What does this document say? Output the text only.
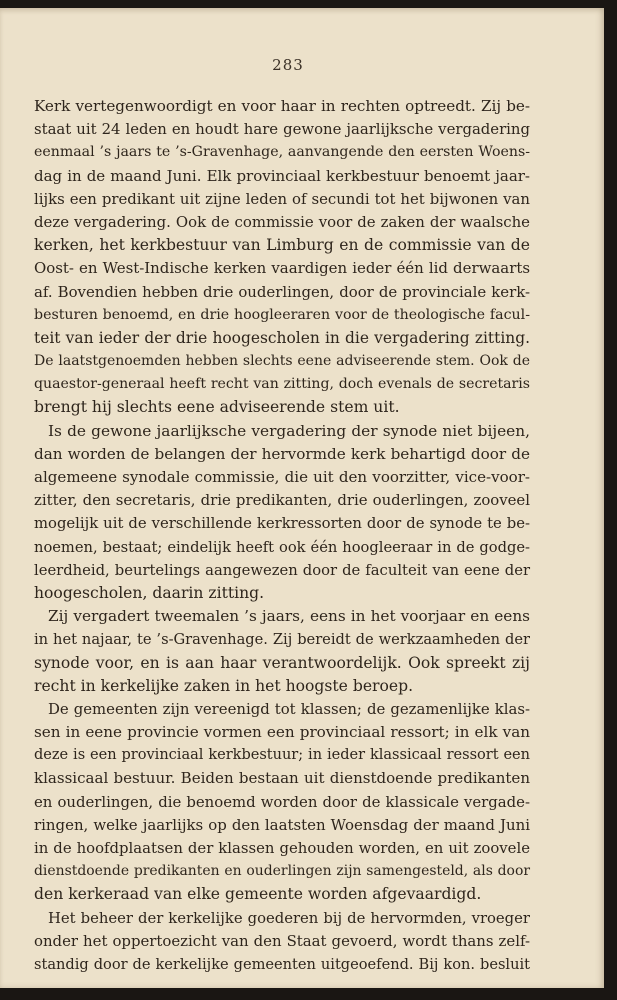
283
Kerk vertegenwoordigt en voor haar in rechten optreedt. Zij be-
staat uit 24 leden en houdt hare gewone jaarlijksche vergadering
eenmaal ’s jaars te ’s-Gravenhage, aanvangende den eersten Woens-
dag in de maand Juni. Elk provinciaal kerkbestuur benoemt jaar-
lijks een predikant uit zijne leden of secundi tot het bijwonen van
deze vergadering. Ook de commissie voor de zaken der waalsche
kerken, het kerkbestuur van Limburg en de commissie van de
Oost- en West-Indische kerken vaardigen ieder één lid derwaarts
af. Bovendien hebben drie ouderlingen, door de provinciale kerk-
besturen benoemd, en drie hoogleeraren voor de theologische facul-
teit van ieder der drie hoogescholen in die vergadering zitting.
De laatstgenoemden hebben slechts eene adviseerende stem. Ook de
quaestor-generaal heeft recht van zitting, doch evenals de secretaris
brengt hij slechts eene adviseerende stem uit.
Is de gewone jaarlijksche vergadering der synode niet bijeen,
dan worden de belangen der hervormde kerk behartigd door de
algemeene synodale commissie, die uit den voorzitter, vice-voor-
zitter, den secretaris, drie predikanten, drie ouderlingen, zooveel
mogelijk uit de verschillende kerkressorten door de synode te be-
noemen, bestaat; eindelijk heeft ook één hoogleeraar in de godge-
leerdheid, beurtelings aangewezen door de faculteit van eene der
hoogescholen, daarin zitting.
Zij vergadert tweemalen ’s jaars, eens in het voorjaar en eens
in het najaar, te ’s-Gravenhage. Zij bereidt de werkzaamheden der
synode voor, en is aan haar verantwoordelijk. Ook spreekt zij
recht in kerkelijke zaken in het hoogste beroep.
De gemeenten zijn vereenigd tot klassen; de gezamenlijke klas-
sen in eene provincie vormen een provinciaal ressort; in elk van
deze is een provinciaal kerkbestuur; in ieder klassicaal ressort een
klassicaal bestuur. Beiden bestaan uit dienstdoende predikanten
en ouderlingen, die benoemd worden door de klassicale vergade-
ringen, welke jaarlijks op den laatsten Woensdag der maand Juni
in de hoofdplaatsen der klassen gehouden worden, en uit zoovele
dienstdoende predikanten en ouderlingen zijn samengesteld, als door
den kerkeraad van elke gemeente worden afgevaardigd.
Het beheer der kerkelijke goederen bij de hervormden, vroeger
onder het oppertoezicht van den Staat gevoerd, wordt thans zelf-
standig door de kerkelijke gemeenten uitgeoefend. Bij kon. besluit
